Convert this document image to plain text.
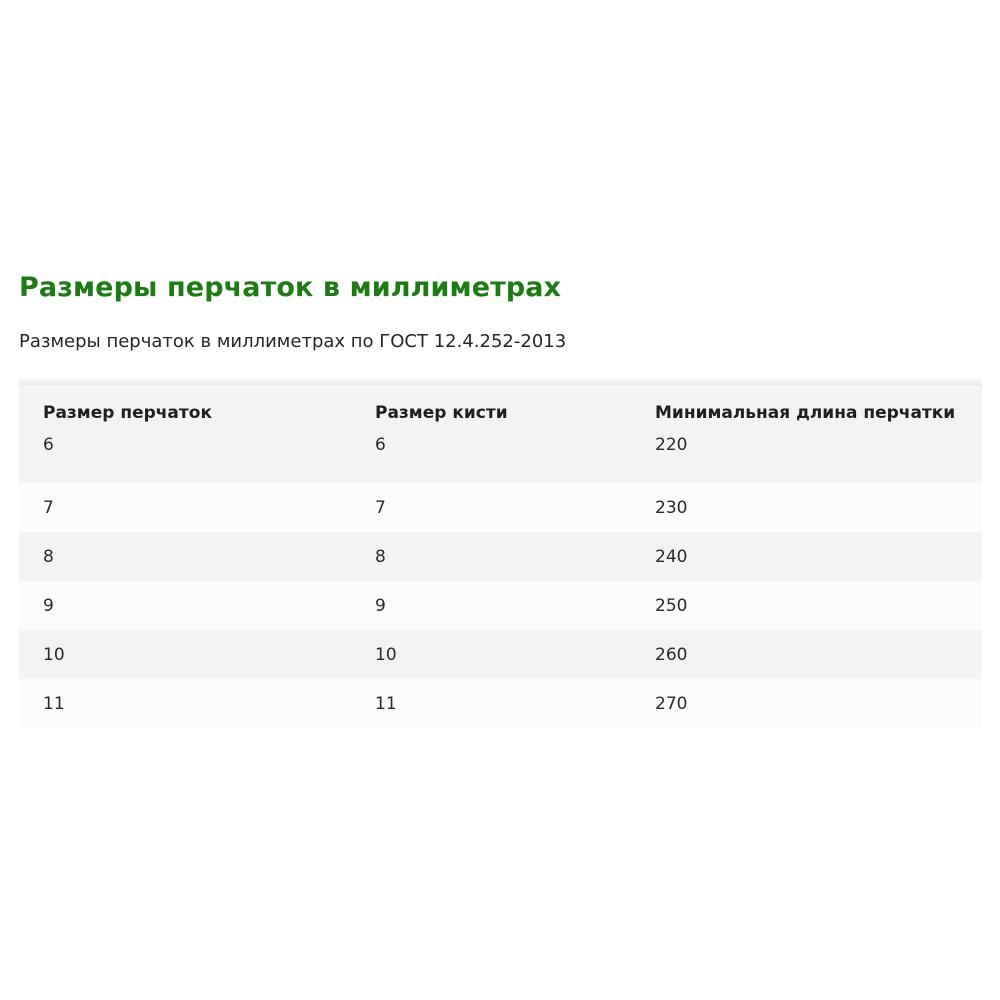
Размеры перчаток в миллиметрах

Размеры перчаток в миллиметрах по ГОСТ 12.4.252-2013

Размер перчаток	Размер кисти	Минимальная длина перчатки
6	6	220
7	7	230
8	8	240
9	9	250
10	10	260
11	11	270
